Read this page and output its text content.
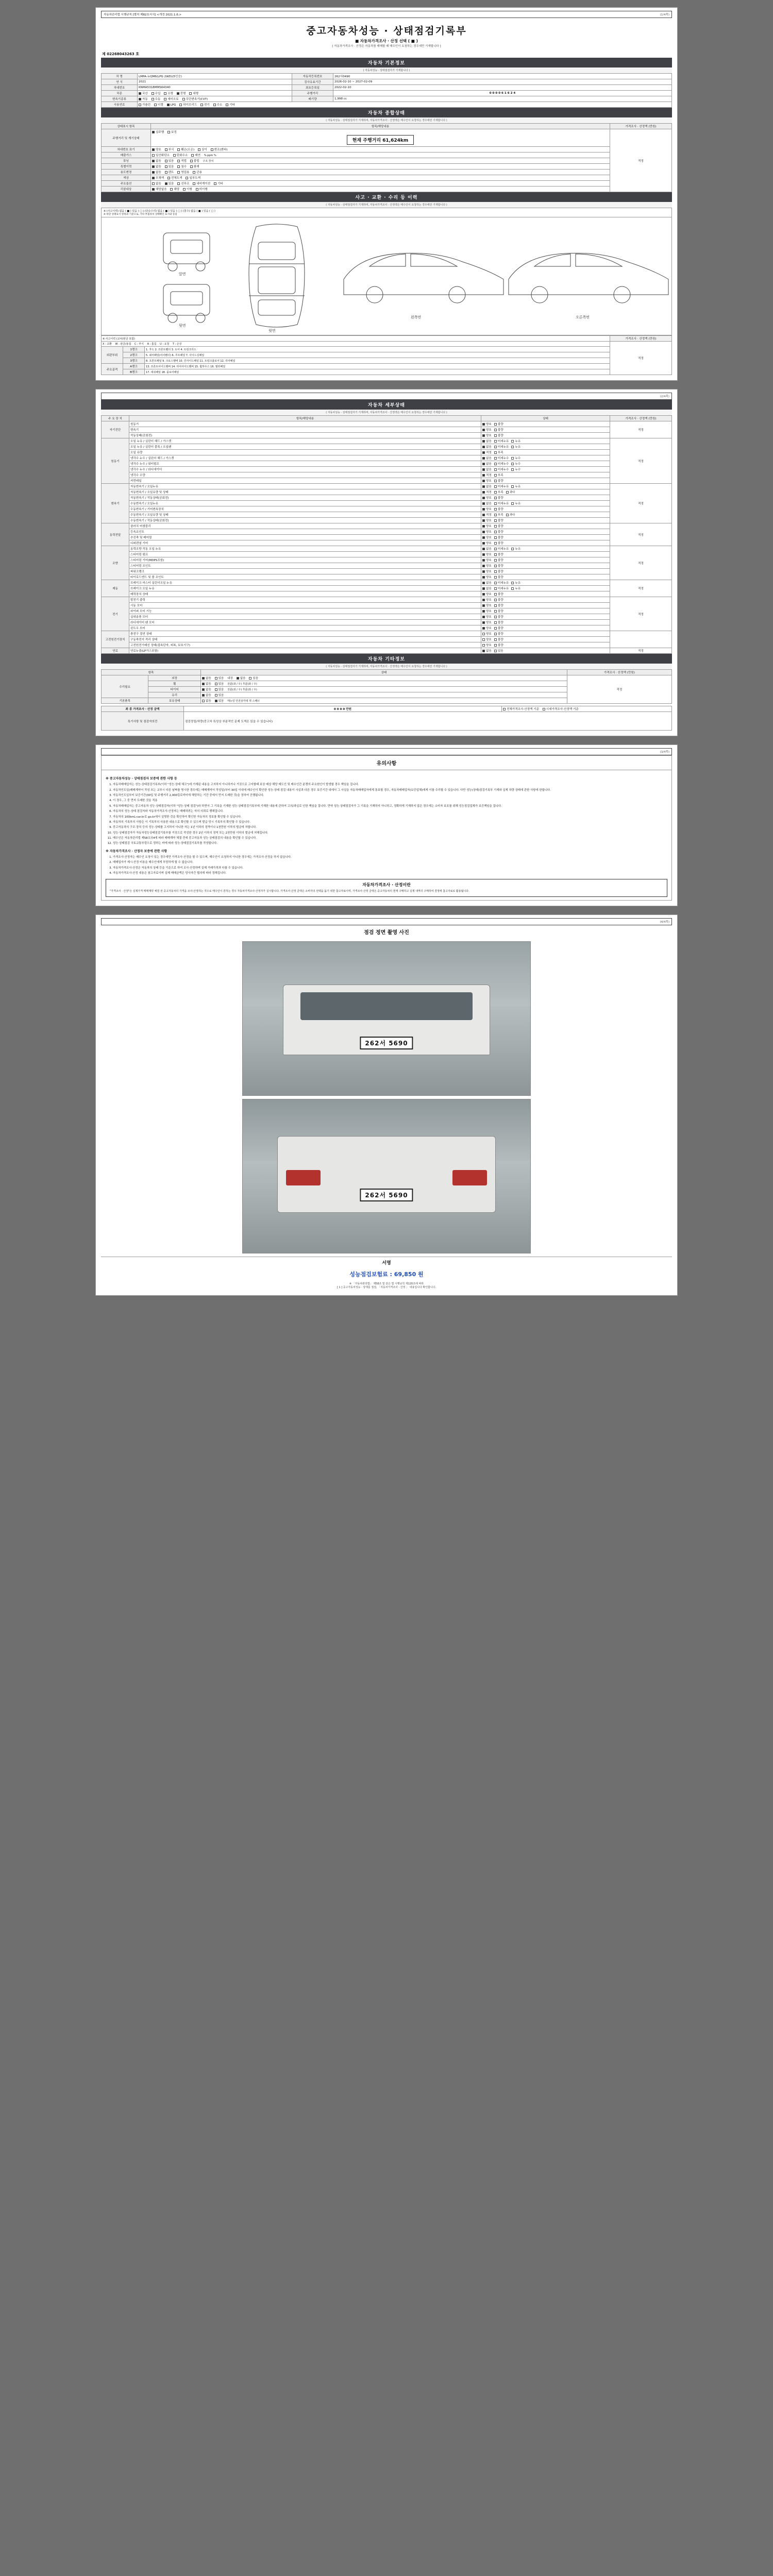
자동차관리법 시행규칙 [별지 제82호서식] <개정 2021.1.6.>	(1/4쪽)
중고자동차성능 · 상태점검기록부
■ 자동차가격조사 · 산정 선택 ( ■ )
[ 자동차가격조사 · 산정은 자동차를 매매할 때 매수인이 요청하는 경우에만 기재합니다 ]
제 02268043263 호
자동차 기본정보
( 자동차성능 · 상태점검자가 기재합니다 )
차 명	LMPA-뉴QM6(LPG 2WD)(5인승)	자동차등록번호	262서0490
연 식	2021	검사유효기간	2026-02-10 ~ 2027-02-09
차대번호	KNMA5318MMS64340	최초등록일	2022-02-10
차종	국산 수입 소형 중형 대형	주행거리	0 0 0 0 6 1 6 2 4
변속기종류	자동 수동 세미오토 무단변속기(CVT)	배기량	1,998 cc
사용연료	가솔린 디젤 LPG 하이브리드 전기 수소 기타		
자동차 종합상태
( 자동차성능 · 상태점검자가 기재하며, 자동차가격조사 · 산정액은 매수인이 요청하는 경우에만 기재합니다 )
상태표시 항목	항목/해당내용	가격조사 · 산정액 (만원)
주행거리 및 계기상태	실주행 보정
현재 주행거리 61,624km	적정
차대번호 표기	양호 부식 훼손(오손) 상이 변조(변타)	
배출가스	일산화탄소 탄화수소 매연 % ppm %	
튜닝	없음 있음 적법 불법 구조 장치	
특별이력	없음 있음 침수 화재	
용도변경	없음 렌트 영업용 관용	
색상	무채색 전체도색 일부도색	
주요옵션	없음 있음 선루프 내비게이션 기타	
리콜대상	해당없음 해당 이행 미이행	
사고 · 교환 · 수리 등 이력
( 자동차성능 · 상태점검자가 기재하며, 자동차가격조사 · 산정액은 매수인이 요청하는 경우에만 기재합니다 )
※ (사고이력) 없음 ( ■ ) 있음 ( □ ) (단순수리) 없음 ( ■ ) 있음 ( □ ) (침수) 없음 ( ■ ) 있음 ( □ )
※ 하단 상태표시 항목과 기준으로, 기타 부품위치 상태확인 표시와 동일
앞면
뒷면
윗면
왼쪽면	오른쪽면
※ 사고이력 (교차/판금 포함)			가격조사 · 산정액 (만원)
X : 교환 W : 판금/용접 C : 부식 A : 흠집 U : 요철 T : 손상			적정
외판부위	1랭크	1. 후드 2. 프론트휀더 3. 도어 4. 트렁크리드	
	2랭크	5. 쿼터패널(리어휀더) 6. 루프패널 7. 사이드실패널	
	3랭크	8. 프론트패널 9. 크로스멤버 10. 인사이드패널 11. 트렁크플로어 12. 리어패널	
주요골격	A랭크	13. 프론트사이드멤버 14. 리어사이드멤버 15. 휠하우스 16. 필러패널	
	B랭크	17. 대쉬패널 18. 플로어패널	
(2/4쪽)
자동차 세부상태
( 자동차성능 · 상태점검자가 기재하며, 자동차가격조사 · 산정액은 매수인이 요청하는 경우에만 기재합니다 )
주 요 장 치	항목/해당내용	상태	가격조사 · 산정액 (만원)
자기진단	원동기	양호 불량	적정
	변속기	양호 불량	
	작동상태(공회전)	양호 불량	
원동기	오일 누유 / 실린더 헤드 / 가스켓	없음 미세누유 누유	적정
	오일 누유 / 실린더 블록 / 오일팬	없음 미세누유 누유	
	오일 유량	적정 부족	
	냉각수 누수 / 실린더 헤드 / 가스켓	없음 미세누수 누수	
	냉각수 누수 / 워터펌프	없음 미세누수 누수	
	냉각수 누수 / 라디에이터	없음 미세누수 누수	
	냉각수 수량	적정 부족	
	커먼레일	양호 불량	
변속기	자동변속기 / 오일누유	없음 미세누유 누유	적정
	자동변속기 / 오일유량 및 상태	적정 부족 과다	
	자동변속기 / 작동상태(공회전)	양호 불량	
	수동변속기 / 오일누유	없음 미세누유 누유	
	수동변속기 / 기어변속장치	양호 불량	
	수동변속기 / 오일유량 및 상태	적정 부족 과다	
	수동변속기 / 작동상태(공회전)	양호 불량	
동력전달	클러치 어셈블리	양호 불량	적정
	등속죠인트	양호 불량	
	추진축 및 베어링	양호 불량	
	디퍼렌셜 기어	양호 불량	
조향	동력조향 작동 오일 누유	없음 미세누유 누유	적정
	스티어링 펌프	양호 불량	
	스티어링 기어(MDPS포함)	양호 불량	
	스티어링 조인트	양호 불량	
	파워크랭크	양호 불량	
	타이로드엔드 및 볼 조인트	양호 불량	
제동	브레이크 마스터 실린더오일 누유	없음 미세누유 누유	적정
	브레이크 오일 누유	없음 미세누유 누유	
	배력장치 상태	양호 불량	
전기	발전기 출력	양호 불량	적정
	시동 모터	양호 불량	
	와이퍼 모터 기능	양호 불량	
	실내송풍 모터	양호 불량	
	라디에이터 팬 모터	양호 불량	
	윈도우 모터	양호 불량	
고전원전기장치	충전구 절연 상태	양호 불량	
	구동축전지 격리 상태	양호 불량	
	고전원전기배선 상태(접속단자, 피복, 보호기구)	양호 불량	
연료	연료누출(LP가스포함)	없음 있음	적정
자동차 기타정보
( 자동차성능 · 상태점검자가 기재하며, 자동차가격조사 · 산정액은 매수인이 요청하는 경우에만 기재합니다 )
항목		상태	가격조사 · 산정액 (만원)
수리필요	외장	없음 있음 내장 없음 있음	적정
	휠	없음 있음 전륜(좌 / 우) 후륜(좌 / 우)	
	타이어	없음 있음 전륜(좌 / 우) 후륜(좌 / 우)	
	유리	없음 있음	
기본품목	보유상태	없음 있음 매뉴얼 안전삼각대 잭 스패너	
최 종 가격조사 · 산정 금액	0 0 0 0 만원	전체가격조사·산정액 기준 시세가격조사·산정액 기준
특기사항 및 점검자의견	점검정밀/차량(중고차 특성상 부분적인 문제 도색은 있을 수 있습니다)	
(3/4쪽)
유의사항
※ 중고자동차성능 · 상태점검자 보증에 관한 사항 등
1. 자동차매매업자는 성능·상태점검기록부(이하 "성능·상태 체크")에 기재된 내용을 고지하지 아니하거나 거짓으로 고지할때 보상 배상 해당 매도인 및 매수인간 분쟁의 주요원인이 발생할 경우 책임을 집니다.
2. 자동차인도일(매매계약서 작성 또는 교부시 다른 날짜를 명시한 경우에는 매매계약서 작성일)부터 30일 이내에 매수인이 확인한 성능·상태 점검 내용이 사실과 다른 경우 보증기간 내에서 그 사실을 자동차매매업자에게 통보할 경우, 자동차매매업자(보증업체)에게 이를 수리할 수 있습니다. 다만 성능(상태)점검기록부 기재와 실제 차량 상태에 관한 사항에 한합니다.
3. 자동차인도일부터 보증기간(30일 및 주행거리 2,000킬로미터에 해당하는 기간 중에서 먼저 도래한 것)을 정하여 진행됩니다.
4. 이 경우, 그 중 먼저 도래한 것을 적용
5. 자동차매매업자는 중고자동차 성능·상태점검자(이하 "성능·상태 점검")라 하면서 그 기록을 기재한 성능·상태점검기록부에 기재한 내용에 관하여 고의/과실로 인한 책임을 집니다. 만약 성능·상태점검자가 그 기록을 기재하지 아니하고, 정확하게 기재하지 않은 경우에는 소비자 보호를 위해 성능점검업체가 보증책임을 집니다.
6. 자동차의 성능·상태 점검자와 자동차가격조사·산정자는 매매하려는 자의 의뢰로 행해집니다.
7. 자동차의 100kmL-car.kr로 go.kr에서 실명한 것을 확인하여 확인한 자동차의 정보를 확인할 수 있습니다.
8. 자동차의 기록부의 사항은 이 기록부의 사용한 내용으로 확인할 수 있으며 발급 당시 기록부의 확인할 수 있습니다.
9. 중고자동차의 구조·장치 등의 성능·상태를 고지하지 아니한 자는 1년 이하의 징역이나 1천만원 이하의 벌금에 처합니다.
10. 성능·상태점검자가 자동차성능상태점검기록부를 거짓으로 작성한 경우 2년 이하의 징역 또는 2천만원 이하의 벌금에 처해집니다.
11. 매수인은 자동차관리법 제58조의4에 따라 매매계약 체결 전에 중고자동차 성능·상태점검의 내용을 확인할 수 있습니다.
12. 성능·상태점검 국토교통부령으로 정하는 바에 따라 성능·상태점검기록부를 작성합니다.
※ 자동차가격조사 · 산정자 보증에 관한 사항
1. 가격조사·산정자는 매수인 요청이 있는 경우에만 가격조사·산정을 할 수 있으며, 매수인이 요청하지 아니한 경우에는 가격조사·산정을 하지 않습니다.
2. 매매업자가 제시·산정 비용을 매수인에게 부담하게 할 수 없습니다.
3. 자동차가격조사·산정은 자동차의 상태 등을 기준으로 하여 조사·산정하며 실제 거래가격과 다를 수 있습니다.
4. 자동차가격조사·산정 내용은 참고자료이며 실제 매매금액은 당사자간 협의에 따라 정해집니다.
자동차가격조사 · 산정이란
"가격조사 · 산정"은 실제가격 매매계약 체결 전 중고자동차의 가격을 조사·산정하는 것으로 매수인이 원하는 경우 자동차가격조사·산정자가 실시합니다. 가격조사·산정 금액은 소비자의 선택을 돕기 위한 참고자료이며, 가격조사·산정 금액은 중고자동차의 현재 구매하고 실제 내역의 구매하여 결정에 참고자료로 활용됩니다.
(4/4쪽)
점검 정면 촬영 사진
262서 5690
262서 5690
서명
성능점검보험료 : 69,850 원
※ 「자동차관리법」 제58조 및 같은 법 시행규칙 제120조에 따라
[ 1 ] 중고자동차성능 · 상태를 점검, 「자동차가격조사 · 산정 」 내용입니다 확인합니다.
